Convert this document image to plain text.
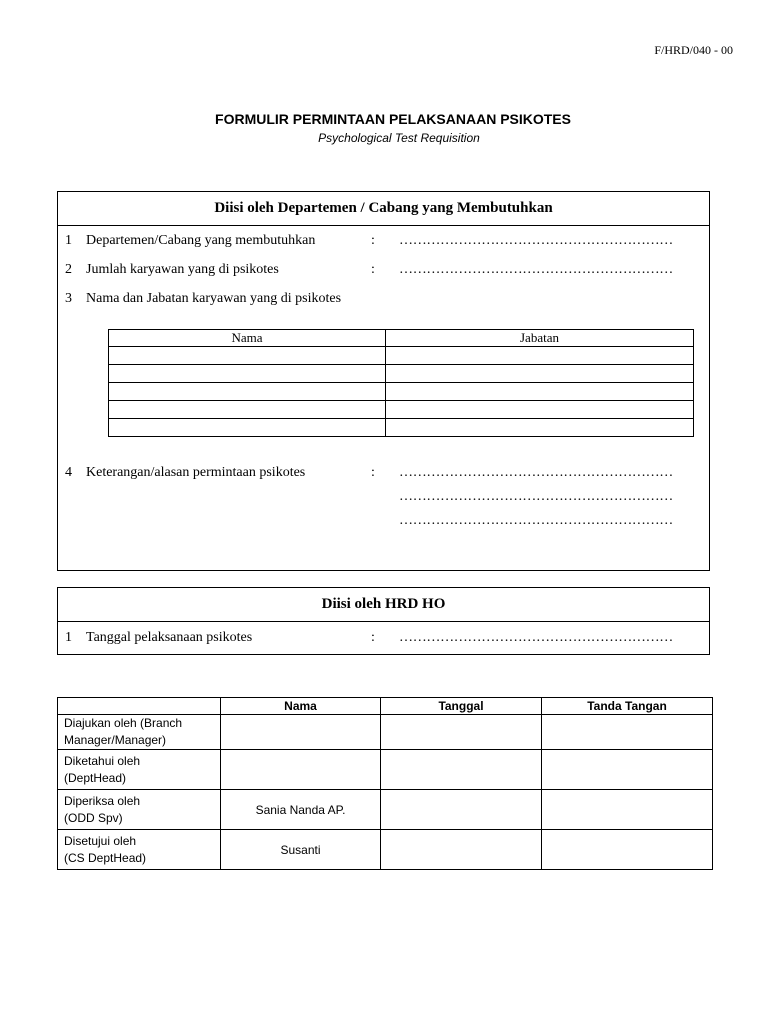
F/HRD/040 - 00
FORMULIR PERMINTAAN PELAKSANAAN PSIKOTES
Psychological Test Requisition
Diisi oleh Departemen / Cabang yang Membutuhkan
1 Departemen/Cabang yang membutuhkan	: ……………………………………………………
2 Jumlah karyawan yang di psikotes	: ……………………………………………………
3 Nama dan Jabatan karyawan yang di psikotes
Nama	Jabatan

4 Keterangan/alasan permintaan psikotes	: ……………………………………………………
……………………………………………………
……………………………………………………
Diisi oleh HRD HO
1 Tanggal pelaksanaan psikotes	: ……………………………………………………
	Nama	Tanggal	Tanda Tangan
Diajukan oleh (Branch
Manager/Manager)			
Diketahui oleh
(DeptHead)			
Diperiksa oleh
(ODD Spv)	Sania Nanda AP.		
Disetujui oleh
(CS DeptHead)	Susanti		
